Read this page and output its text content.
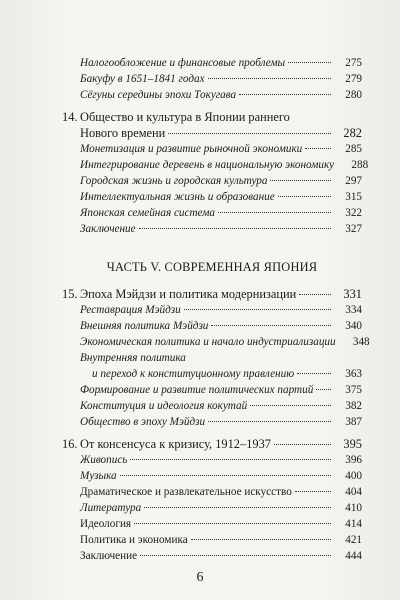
Налогообложение и финансовые проблемы	275
Бакуфу в 1651–1841 годах	279
Сёгуны середины эпохи Токугава	280
14. Общество и культура в Японии раннего
Нового времени	282
Монетизация и развитие рыночной экономики	285
Интегрирование деревень в национальную экономику	288
Городская жизнь и городская культура	297
Интеллектуальная жизнь и образование	315
Японская семейная система	322
Заключение	327
ЧАСТЬ V. СОВРЕМЕННАЯ ЯПОНИЯ
15. Эпоха Мэйдзи и политика модернизации	331
Реставрация Мэйдзи	334
Внешняя политика Мэйдзи	340
Экономическая политика и начало индустриализации	348
Внутренняя политика
и переход к конституционному правлению	363
Формирование и развитие политических партий	375
Конституция и идеология кокутай	382
Общество в эпоху Мэйдзи	387
16. От консенсуса к кризису, 1912–1937	395
Живопись	396
Музыка	400
Драматическое и развлекательное искусство	404
Литература	410
Идеология	414
Политика и экономика	421
Заключение	444
6
